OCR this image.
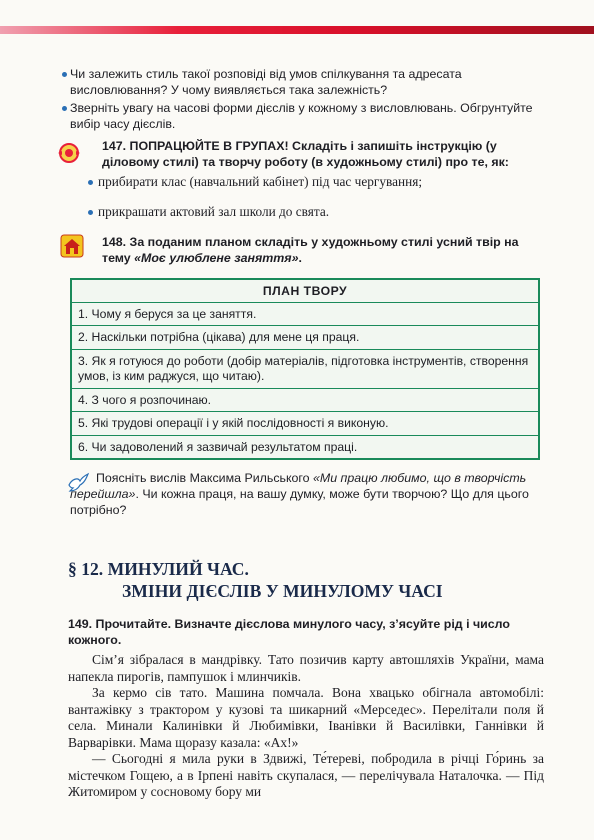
Чи залежить стиль такої розповіді від умов спілкування та адресата висловлювання? У чому виявляється така залежність?

Зверніть увагу на часові форми дієслів у кожному з висловлювань. Обгрунтуйте вибір часу дієслів.

147. ПОПРАЦЮЙТЕ В ГРУПАХ! Складіть і запишіть інструкцію (у діловому стилі) та творчу роботу (в художньому стилі) про те, як:

прибирати клас (навчальний кабінет) під час чергування;

прикрашати актовий зал школи до свята.

148. За поданим планом складіть у художньому стилі усний твір на тему «Моє улюблене заняття».

ПЛАН ТВОРУ
1. Чому я беруся за це заняття.
2. Наскільки потрібна (цікава) для мене ця праця.
3. Як я готуюся до роботи (добір матеріалів, підготовка інструментів, створення умов, із ким раджуся, що читаю).
4. З чого я розпочинаю.
5. Які трудові операції і у якій послідовності я виконую.
6. Чи задоволений я зазвичай результатом праці.
Поясніть вислів Максима Рильського «Ми працю любимо, що в творчість перейшла». Чи кожна праця, на вашу думку, може бути творчою? Що для цього потрібно?
§ 12. МИНУЛИЙ ЧАС.
ЗМІНИ ДІЄСЛІВ У МИНУЛОМУ ЧАСІ
149. Прочитайте. Визначте дієслова минулого часу, з’ясуйте рід і число кожного.

Сім’я зібралася в мандрівку. Тато позичив карту автошляхів України, мама напекла пирогів, пампушок і млинчиків.

За кермо сів тато. Машина помчала. Вона хвацько обігнала автомобілі: вантажівку з трактором у кузові та шикарний «Мерседес». Перелітали поля й села. Минали Калинівки й Любимівки, Іванівки й Василівки, Ганнівки й Варварівки. Мама щоразу казала: «Ах!»

— Сьогодні я мила руки в Здвижі, Те́тереві, побродила в річці Го́ринь за містечком Гощею, а в Ірпені навіть скупалася, — перелічувала Наталочка. — Під Житомиром у сосновому бору ми
